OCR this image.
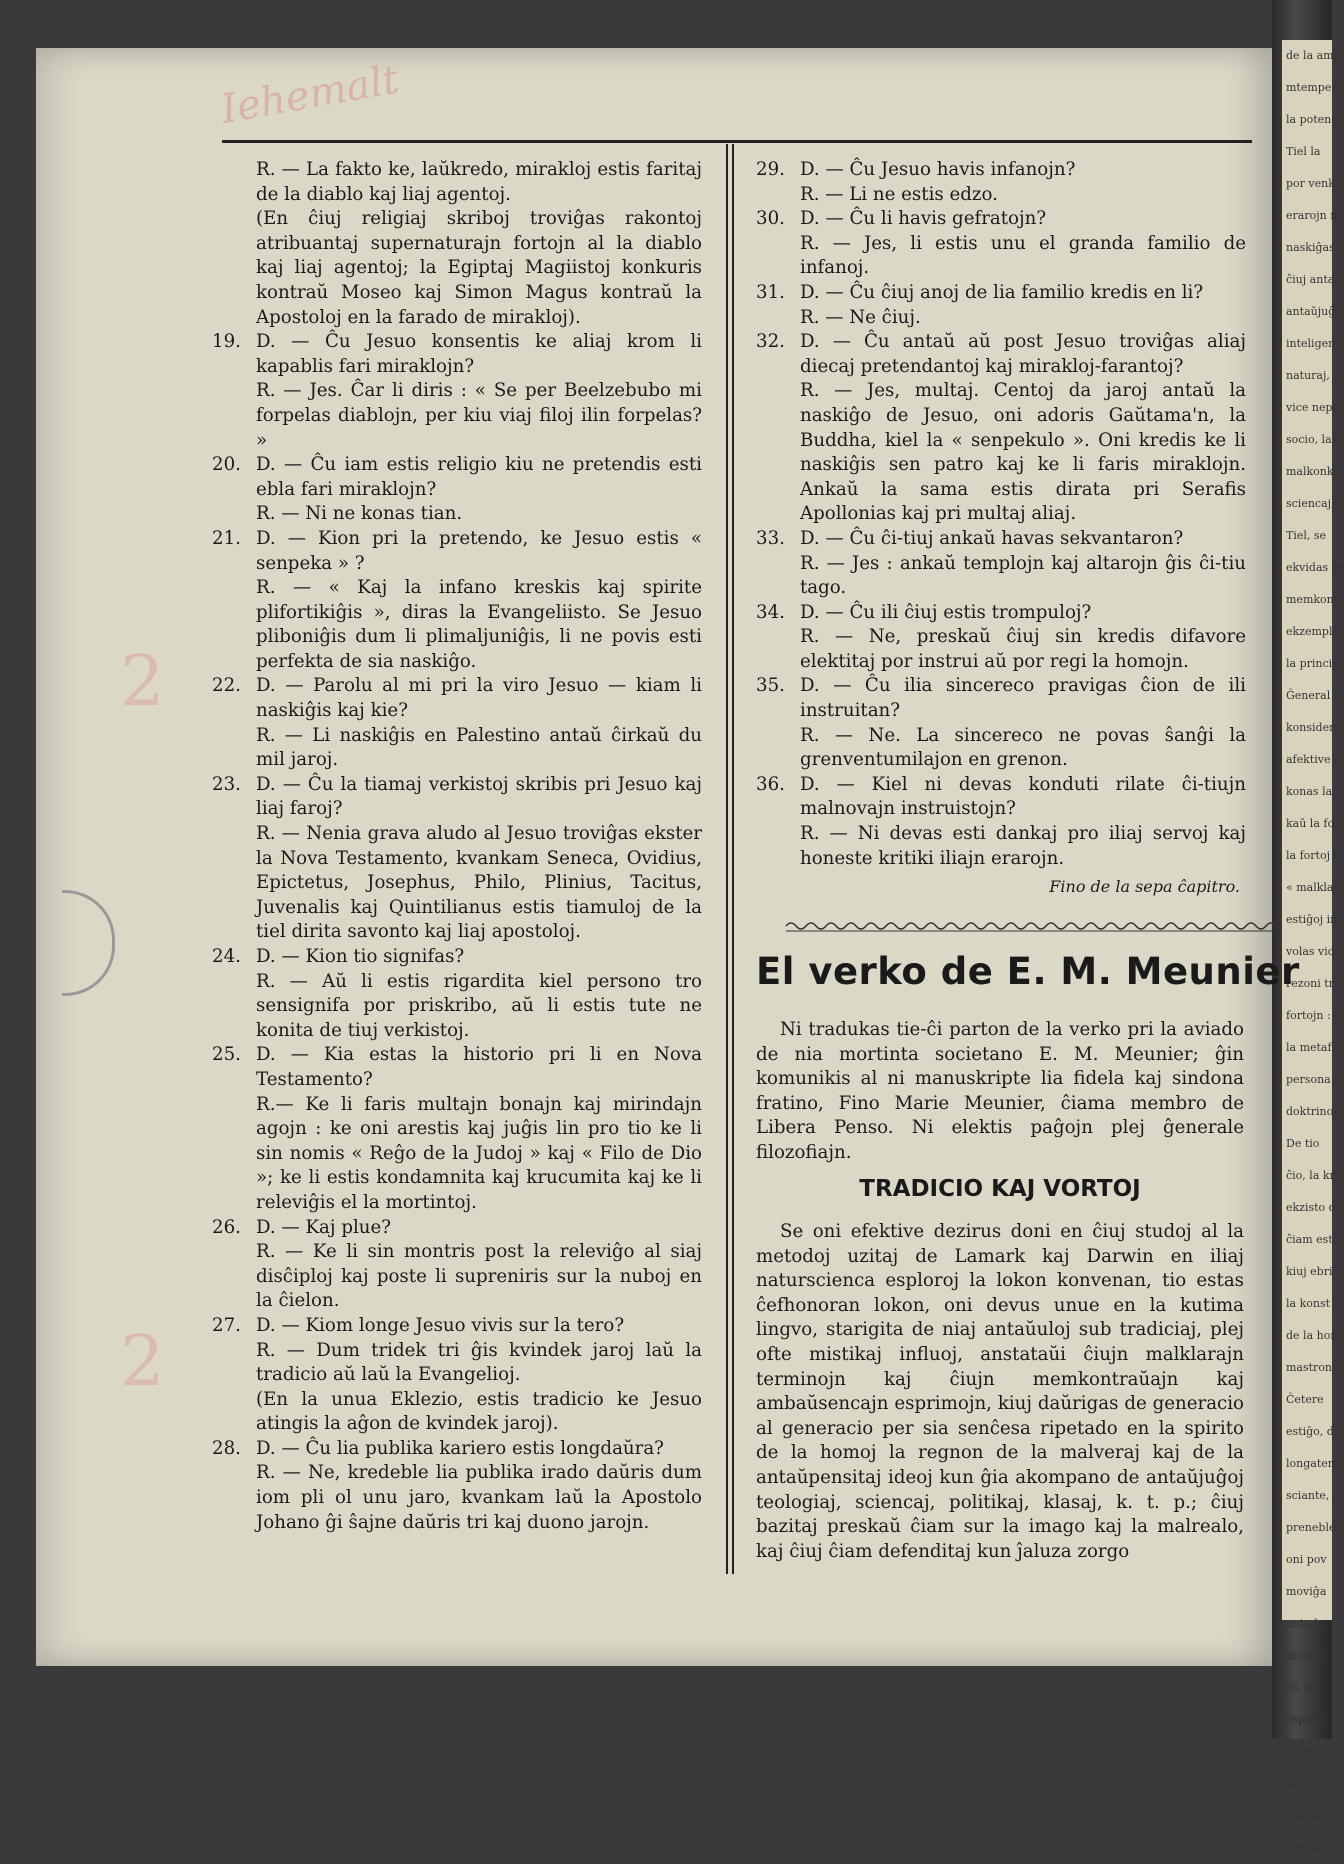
de la ama
mtempe
la potenco
Tiel la
por venki
erarojn m
naskiĝas
ĉiuj anta
antaŭjuĝo
inteligent
naturaj,
vice nepr
socio, la s
malkonko
sciencaj, ĉ
Tiel, se
ekvidas se
memkont
ekzemple
la princip
Ĝeneral
konsidera
afektive c
konas la
kaŭ la fo
la fortoj r
« malkla
estiĝoj in
volas vid
rezoni tr
fortojn : ĉ
la metaf
persona
doktrinoj
De tio
ĉio, la kr
ekzisto d
ĉiam est
kiuj ebri
la konst
de la hor
mastron.
Ĉetere
estiĝo, d
longatem
sciante,
preneble
oni pov
moviĝa
ante la
movon,
aŭ ilin
rapidec
do esta
kio eb
ĝin, tio
iom da
Iehemalt
2
2
R. — La fakto ke, laŭkredo, mirakloj estis faritaj de la diablo kaj liaj agentoj.
(En ĉiuj religiaj skriboj troviĝas rakontoj atribuantaj supernaturajn fortojn al la diablo kaj liaj agentoj; la Egiptaj Magiistoj konkuris kontraŭ Moseo kaj Simon Magus kontraŭ la Apostoloj en la farado de mirakloj).
19. D. — Ĉu Jesuo konsentis ke aliaj krom li kapablis fari miraklojn?
R. — Jes. Ĉar li diris : « Se per Beelzebubo mi forpelas diablojn, per kiu viaj filoj ilin forpelas? »
20. D. — Ĉu iam estis religio kiu ne pretendis esti ebla fari miraklojn?
R. — Ni ne konas tian.
21. D. — Kion pri la pretendo, ke Jesuo estis « senpeka » ?
R. — « Kaj la infano kreskis kaj spirite plifortikiĝis », diras la Evangeliisto. Se Jesuo pliboniĝis dum li plimaljuniĝis, li ne povis esti perfekta de sia naskiĝo.
22. D. — Parolu al mi pri la viro Jesuo — kiam li naskiĝis kaj kie?
R. — Li naskiĝis en Palestino antaŭ ĉirkaŭ du mil jaroj.
23. D. — Ĉu la tiamaj verkistoj skribis pri Jesuo kaj liaj faroj?
R. — Nenia grava aludo al Jesuo troviĝas ekster la Nova Testamento, kvankam Seneca, Ovidius, Epictetus, Josephus, Philo, Plinius, Tacitus, Juvenalis kaj Quintilianus estis tiamuloj de la tiel dirita savonto kaj liaj apostoloj.
24. D. — Kion tio signifas?
R. — Aŭ li estis rigardita kiel persono tro sensignifa por priskribo, aŭ li estis tute ne konita de tiuj verkistoj.
25. D. — Kia estas la historio pri li en Nova Testamento?
R.— Ke li faris multajn bonajn kaj mirindajn agojn : ke oni arestis kaj juĝis lin pro tio ke li sin nomis « Reĝo de la Judoj » kaj « Filo de Dio »; ke li estis kondamnita kaj krucumita kaj ke li releviĝis el la mortintoj.
26. D. — Kaj plue?
R. — Ke li sin montris post la releviĝo al siaj disĉiploj kaj poste li supreniris sur la nuboj en la ĉielon.
27. D. — Kiom longe Jesuo vivis sur la tero?
R. — Dum tridek tri ĝis kvindek jaroj laŭ la tradicio aŭ laŭ la Evangelioj.
(En la unua Eklezio, estis tradicio ke Jesuo atingis la aĝon de kvindek jaroj).
28. D. — Ĉu lia publika kariero estis longdaŭra?
R. — Ne, kredeble lia publika irado daŭris dum iom pli ol unu jaro, kvankam laŭ la Apostolo Johano ĝi ŝajne daŭris tri kaj duono jarojn.
29. D. — Ĉu Jesuo havis infanojn?
R. — Li ne estis edzo.
30. D. — Ĉu li havis gefratojn?
R. — Jes, li estis unu el granda familio de infanoj.
31. D. — Ĉu ĉiuj anoj de lia familio kredis en li?
R. — Ne ĉiuj.
32. D. — Ĉu antaŭ aŭ post Jesuo troviĝas aliaj diecaj pretendantoj kaj mirakloj-farantoj?
R. — Jes, multaj. Centoj da jaroj antaŭ la naskiĝo de Jesuo, oni adoris Gaŭtama'n, la Buddha, kiel la « senpekulo ». Oni kredis ke li naskiĝis sen patro kaj ke li faris miraklojn. Ankaŭ la sama estis dirata pri Serafis Apollonias kaj pri multaj aliaj.
33. D. — Ĉu ĉi-tiuj ankaŭ havas sekvantaron?
R. — Jes : ankaŭ templojn kaj altarojn ĝis ĉi-tiu tago.
34. D. — Ĉu ili ĉiuj estis trompuloj?
R. — Ne, preskaŭ ĉiuj sin kredis difavore elektitaj por instrui aŭ por regi la homojn.
35. D. — Ĉu ilia sincereco pravigas ĉion de ili instruitan?
R. — Ne. La sincereco ne povas ŝanĝi la grenventumilajon en grenon.
36. D. — Kiel ni devas konduti rilate ĉi-tiujn malnovajn instruistojn?
R. — Ni devas esti dankaj pro iliaj servoj kaj honeste kritiki iliajn erarojn.
Fino de la sepa ĉapitro.
El verko de E. M. Meunier
Ni tradukas tie-ĉi parton de la verko pri la aviado de nia mortinta societano E. M. Meunier; ĝin komunikis al ni manuskripte lia fidela kaj sindona fratino, Fino Marie Meunier, ĉiama membro de Libera Penso. Ni elektis paĝojn plej ĝenerale filozofiajn.
TRADICIO KAJ VORTOJ
Se oni efektive dezirus doni en ĉiuj studoj al la metodoj uzitaj de Lamark kaj Darwin en iliaj naturscienca esploroj la lokon konvenan, tio estas ĉefhonoran lokon, oni devus unue en la kutima lingvo, starigita de niaj antaŭuloj sub tradiciaj, plej ofte mistikaj influoj, anstataŭi ĉiujn malklarajn terminojn kaj ĉiujn memkontraŭajn kaj ambaŭsencajn esprimojn, kiuj daŭrigas de generacio al generacio per sia senĉesa ripetado en la spirito de la homoj la regnon de la malveraj kaj de la antaŭpensitaj ideoj kun ĝia akompano de antaŭjuĝoj teologiaj, sciencaj, politikaj, klasaj, k. t. p.; ĉiuj bazitaj preskaŭ ĉiam sur la imago kaj la malrealo, kaj ĉiuj ĉiam defenditaj kun ĵaluza zorgo
